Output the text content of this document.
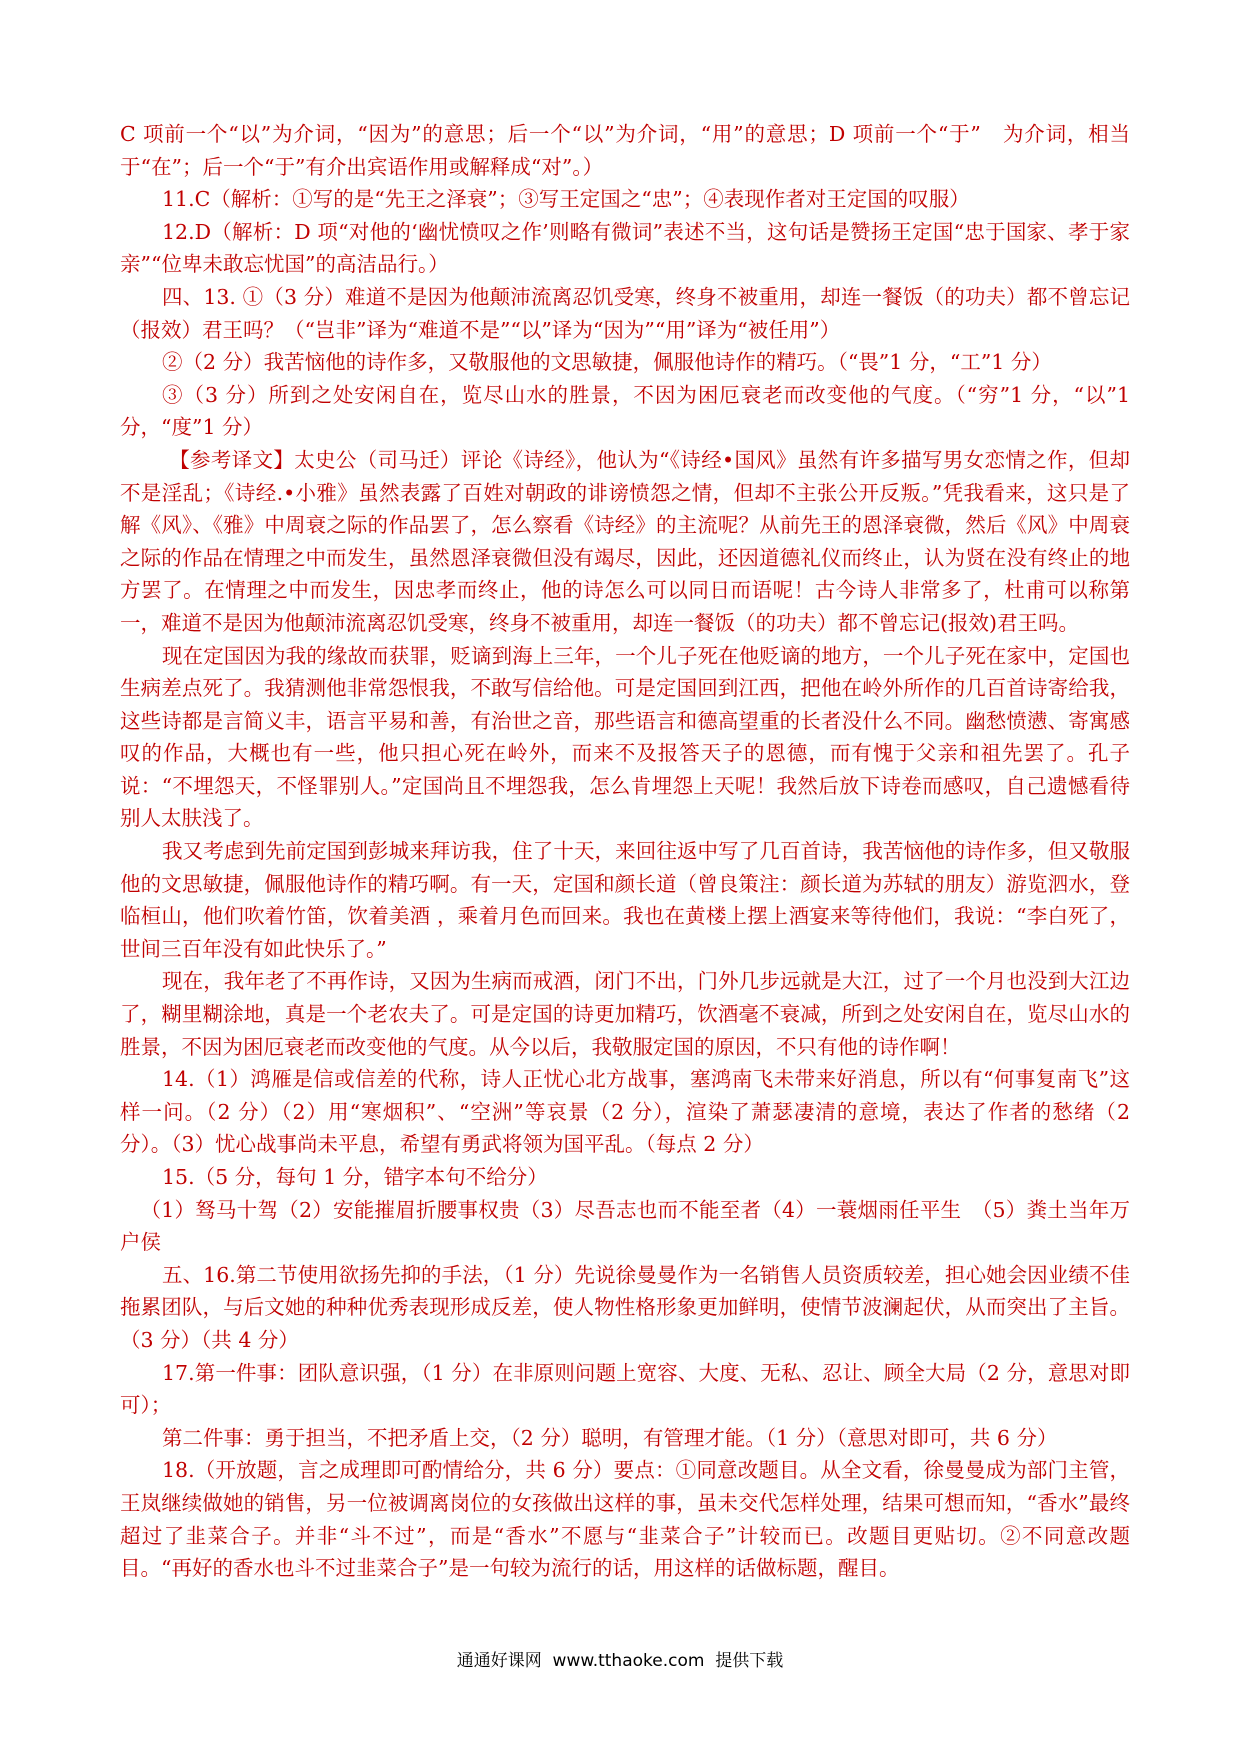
C 项前一个“以”为介词，“因为”的意思；后一个“以”为介词，“用”的意思；D 项前一个“于”　为介词，相当于“在”；后一个“于”有介出宾语作用或解释成“对”。）

11.C（解析：①写的是“先王之泽衰”；③写王定国之“忠”；④表现作者对王定国的叹服）

12.D（解析：D 项“对他的‘幽忧愤叹之作’则略有微词”表述不当，这句话是赞扬王定国“忠于国家、孝于家亲”“位卑未敢忘忧国”的高洁品行。）

四、13. ①（3 分）难道不是因为他颠沛流离忍饥受寒，终身不被重用，却连一餐饭（的功夫）都不曾忘记（报效）君王吗？（“岂非”译为“难道不是”“以”译为“因为”“用”译为“被任用”）

②（2 分）我苦恼他的诗作多，又敬服他的文思敏捷，佩服他诗作的精巧。（“畏”1 分，“工”1 分）

③（3 分）所到之处安闲自在，览尽山水的胜景，不因为困厄衰老而改变他的气度。（“穷”1 分，“以”1 分，“度”1 分）

【参考译文】太史公（司马迁）评论《诗经》，他认为“《诗经•国风》虽然有许多描写男女恋情之作，但却不是淫乱；《诗经.•小雅》虽然表露了百姓对朝政的诽谤愤怨之情，但却不主张公开反叛。”凭我看来，这只是了解《风》、《雅》中周衰之际的作品罢了，怎么察看《诗经》的主流呢？从前先王的恩泽衰微，然后《风》中周衰之际的作品在情理之中而发生，虽然恩泽衰微但没有竭尽，因此，还因道德礼仪而终止，认为贤在没有终止的地方罢了。在情理之中而发生，因忠孝而终止，他的诗怎么可以同日而语呢！古今诗人非常多了，杜甫可以称第一，难道不是因为他颠沛流离忍饥受寒，终身不被重用，却连一餐饭（的功夫）都不曾忘记(报效)君王吗。

现在定国因为我的缘故而获罪，贬谪到海上三年，一个儿子死在他贬谪的地方，一个儿子死在家中，定国也生病差点死了。我猜测他非常怨恨我，不敢写信给他。可是定国回到江西，把他在岭外所作的几百首诗寄给我，这些诗都是言简义丰，语言平易和善，有治世之音，那些语言和德高望重的长者没什么不同。幽愁愤懑、寄寓感叹的作品，大概也有一些，他只担心死在岭外，而来不及报答天子的恩德，而有愧于父亲和祖先罢了。孔子说：“不埋怨天，不怪罪别人。”定国尚且不埋怨我，怎么肯埋怨上天呢！我然后放下诗卷而感叹，自己遗憾看待别人太肤浅了。

我又考虑到先前定国到彭城来拜访我，住了十天，来回往返中写了几百首诗，我苦恼他的诗作多，但又敬服他的文思敏捷，佩服他诗作的精巧啊。有一天，定国和颜长道（曾良策注：颜长道为苏轼的朋友）游览泗水，登临桓山，他们吹着竹笛，饮着美酒 ，乘着月色而回来。我也在黄楼上摆上酒宴来等待他们，我说：“李白死了，世间三百年没有如此快乐了。”

现在，我年老了不再作诗，又因为生病而戒酒，闭门不出，门外几步远就是大江，过了一个月也没到大江边了，糊里糊涂地，真是一个老农夫了。可是定国的诗更加精巧，饮酒毫不衰减，所到之处安闲自在，览尽山水的胜景，不因为困厄衰老而改变他的气度。从今以后，我敬服定国的原因，不只有他的诗作啊！

14.（1）鸿雁是信或信差的代称，诗人正忧心北方战事，塞鸿南飞未带来好消息，所以有“何事复南飞”这样一问。（2 分）（2）用“寒烟积”、“空洲”等哀景（2 分），渲染了萧瑟凄清的意境，表达了作者的愁绪（2 分）。（3）忧心战事尚未平息，希望有勇武将领为国平乱。（每点 2 分）

15.（5 分，每句 1 分，错字本句不给分）

（1）驽马十驾（2）安能摧眉折腰事权贵（3）尽吾志也而不能至者（4）一蓑烟雨任平生　（5）粪土当年万户侯

五、16.第二节使用欲扬先抑的手法，（1 分）先说徐曼曼作为一名销售人员资质较差，担心她会因业绩不佳拖累团队，与后文她的种种优秀表现形成反差，使人物性格形象更加鲜明，使情节波澜起伏，从而突出了主旨。（3 分）（共 4 分）

17.第一件事：团队意识强，（1 分）在非原则问题上宽容、大度、无私、忍让、顾全大局（2 分，意思对即可）；

第二件事：勇于担当，不把矛盾上交，（2 分）聪明，有管理才能。（1 分）（意思对即可，共 6 分）

18.（开放题，言之成理即可酌情给分，共 6 分）要点：①同意改题目。从全文看，徐曼曼成为部门主管，王岚继续做她的销售，另一位被调离岗位的女孩做出这样的事，虽未交代怎样处理，结果可想而知，“香水”最终超过了韭菜合子。并非“斗不过”，而是“香水”不愿与“韭菜合子”计较而已。改题目更贴切。②不同意改题目。“再好的香水也斗不过韭菜合子”是一句较为流行的话，用这样的话做标题，醒目。

通通好课网  www.tthaoke.com  提供下载
